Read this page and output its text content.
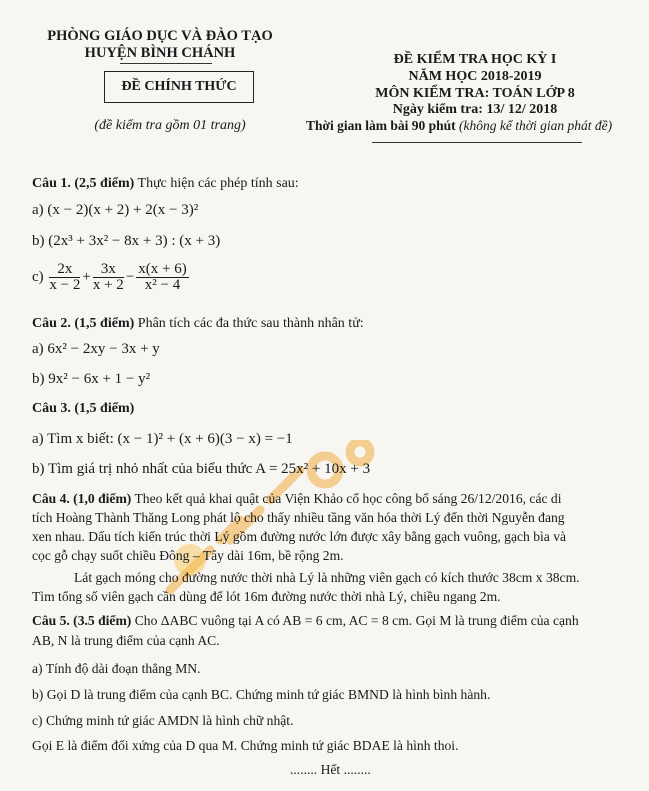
PHÒNG GIÁO DỤC VÀ ĐÀO TẠO
HUYỆN BÌNH CHÁNH
ĐỀ CHÍNH THỨC
(đề kiểm tra gồm 01 trang)
ĐỀ KIỂM TRA HỌC KỲ I
NĂM HỌC 2018-2019
MÔN KIỂM TRA: TOÁN LỚP 8
Ngày kiểm tra: 13/ 12/ 2018
Thời gian làm bài 90 phút (không kể thời gian phát đề)
Câu 1. (2,5 điểm) Thực hiện các phép tính sau:
a) (x − 2)(x + 2) + 2(x − 3)²
b) (2x³ + 3x² − 8x + 3) : (x + 3)
$c) \frac{2x}{x - 2} + \frac{3x}{x + 2} - \frac{x(x + 6)}{\text{x² − 4}}$
Câu 2. (1,5 điểm) Phân tích các đa thức sau thành nhân tử:
a) 6x² − 2xy − 3x + y
b) 9x² − 6x + 1 − y²
Câu 3. (1,5 điểm)
a) Tìm x biết: (x − 1)² + (x + 6)(3 − x) = −1
b) Tìm giá trị nhỏ nhất của biểu thức A = 25x² + 10x + 3
Câu 4. (1,0 điểm) Theo kết quả khai quật của Viện Khảo cổ học công bố sáng 26/12/2016, các di
tích Hoàng Thành Thăng Long phát lộ cho thấy nhiều tầng văn hóa thời Lý đến thời Nguyễn đang
xen nhau. Dấu tích kiến trúc thời Lý gồm đường nước lớn được xây bằng gạch vuông, gạch bìa và
cọc gỗ chạy suốt chiều Đông – Tây dài 16m, bề rộng 2m.
Lát gạch móng cho đường nước thời nhà Lý là những viên gạch có kích thước 38cm x 38cm.
Tìm tổng số viên gạch cần dùng để lót 16m đường nước thời nhà Lý, chiều ngang 2m.
Câu 5. (3.5 điểm) Cho ΔABC vuông tại A có AB = 6 cm, AC = 8 cm. Gọi M là trung điểm của cạnh
AB, N là trung điểm của cạnh AC.
a) Tính độ dài đoạn thẳng MN.
b) Gọi D là trung điểm của cạnh BC. Chứng minh tứ giác BMND là hình bình hành.
c) Chứng minh tứ giác AMDN là hình chữ nhật.
Gọi E là điểm đối xứng của D qua M. Chứng minh tứ giác BDAE là hình thoi.
........ Hết ........
